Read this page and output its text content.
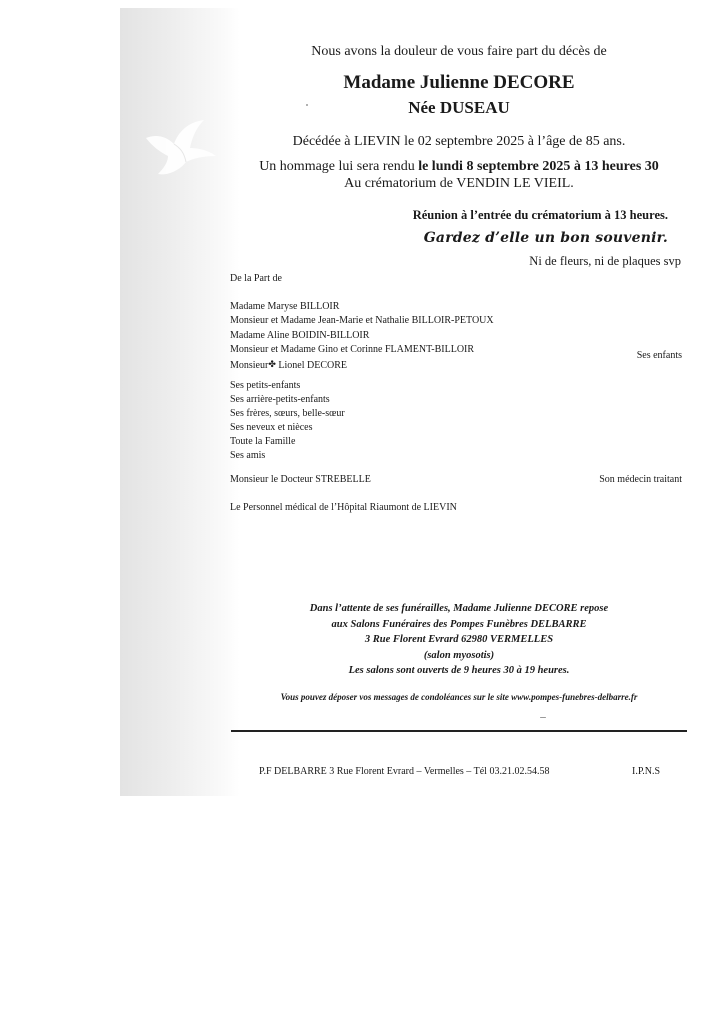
Nous avons la douleur de vous faire part du décès de
Madame Julienne DECORE
Née DUSEAU
Décédée à LIEVIN le 02 septembre 2025 à l’âge de 85 ans.
Un hommage lui sera rendu le lundi 8 septembre 2025 à 13 heures 30
Au crématorium de VENDIN LE VIEIL.
Réunion à l’entrée du crématorium à 13 heures.
Gardez d’elle un bon souvenir.
Ni de fleurs, ni de plaques svp
De la Part de
Madame Maryse BILLOIR
Monsieur et Madame Jean-Marie et Nathalie BILLOIR-PETOUX
Madame Aline BOIDIN-BILLOIR
Monsieur et Madame Gino et Corinne FLAMENT-BILLOIR
Monsieur✤ Lionel DECORE
Ses enfants
Ses petits-enfants
Ses arrière-petits-enfants
Ses frères, sœurs, belle-sœur
Ses neveux et nièces
Toute la Famille
Ses amis
Monsieur le Docteur STREBELLE	Son médecin traitant
Le Personnel médical de l’Hôpital Riaumont de LIEVIN
Dans l’attente de ses funérailles, Madame Julienne DECORE repose
aux Salons Funéraires des Pompes Funèbres DELBARRE
3 Rue Florent Evrard 62980 VERMELLES
(salon myosotis)
Les salons sont ouverts de 9 heures 30 à 19 heures.
Vous pouvez déposer vos messages de condoléances sur le site www.pompes-funebres-delbarre.fr
P.F DELBARRE 3 Rue Florent Evrard – Vermelles – Tél 03.21.02.54.58	I.P.N.S
